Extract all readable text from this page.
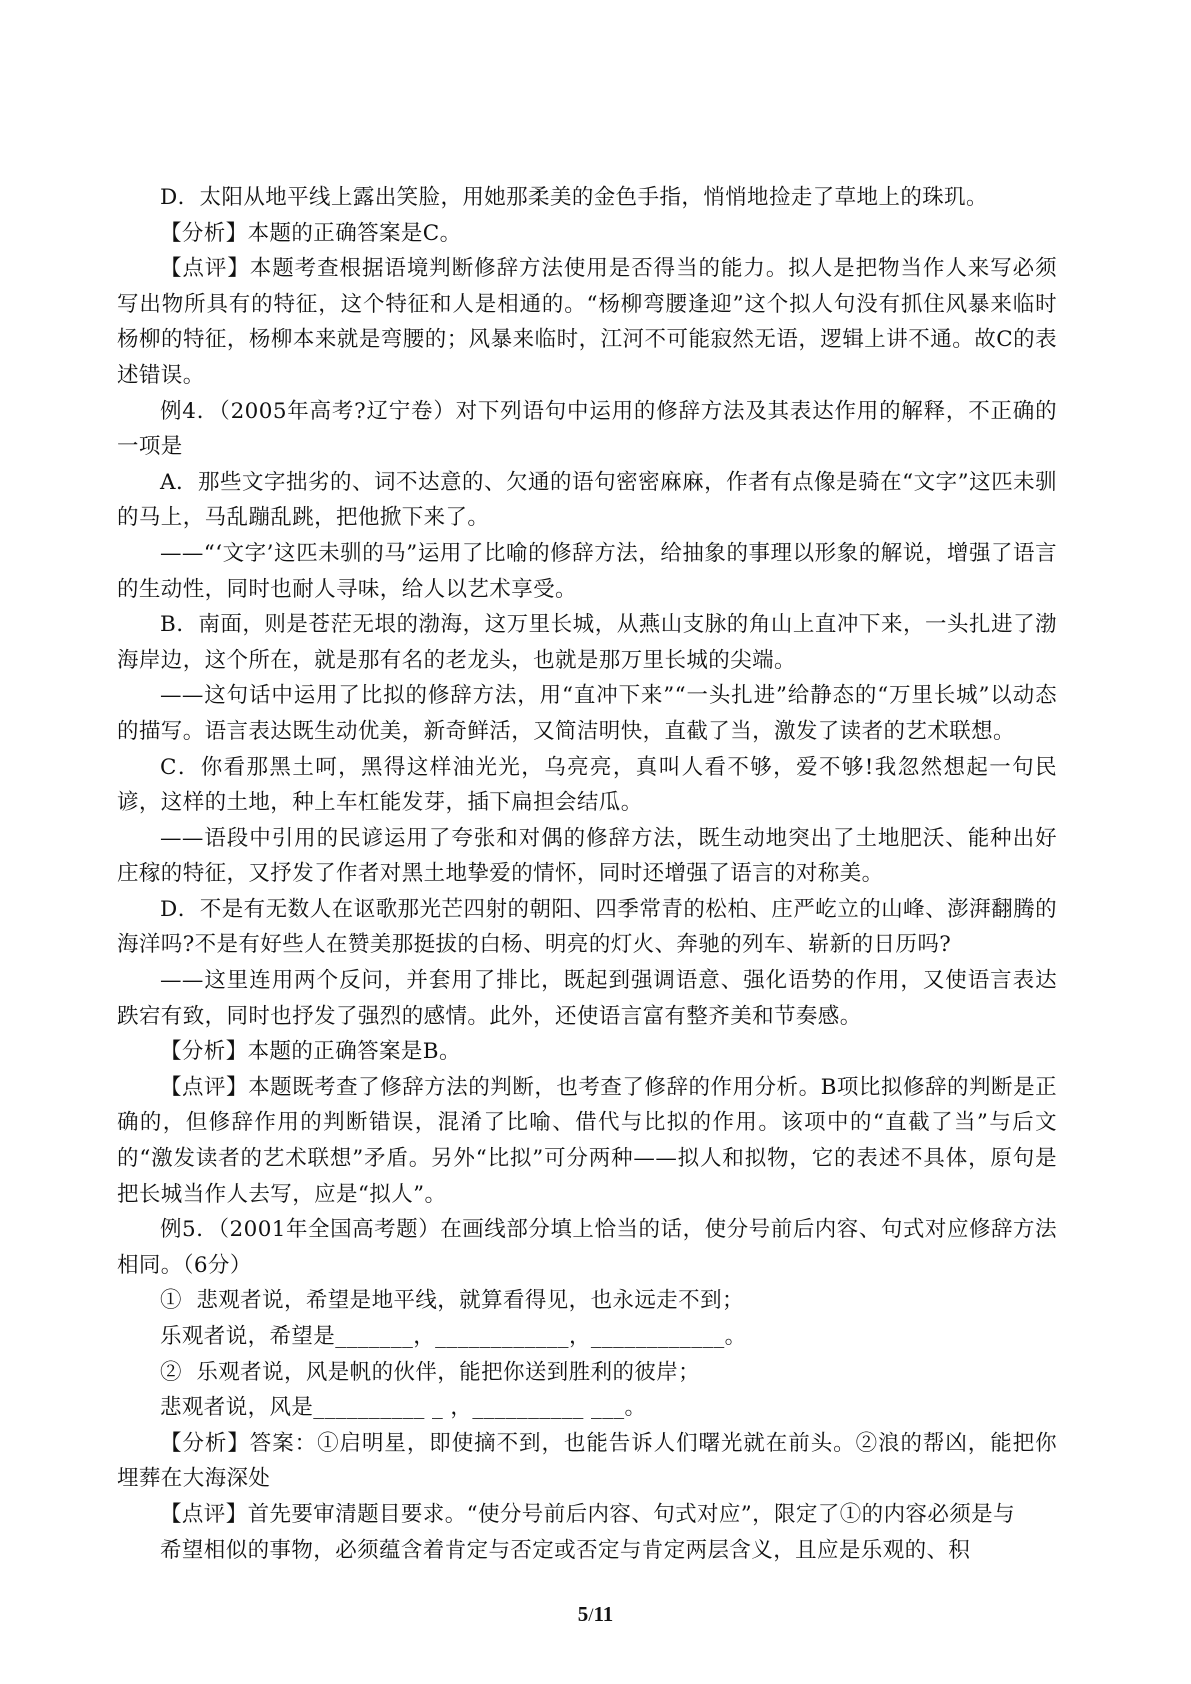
D．太阳从地平线上露出笑脸，用她那柔美的金色手指，悄悄地捡走了草地上的珠玑。

【分析】本题的正确答案是C。

【点评】本题考查根据语境判断修辞方法使用是否得当的能力。拟人是把物当作人来写必须写出物所具有的特征，这个特征和人是相通的。“杨柳弯腰逢迎”这个拟人句没有抓住风暴来临时杨柳的特征，杨柳本来就是弯腰的；风暴来临时，江河不可能寂然无语，逻辑上讲不通。故C的表述错误。

例4．（2005年高考?辽宁卷）对下列语句中运用的修辞方法及其表达作用的解释，不正确的一项是

A．那些文字拙劣的、词不达意的、欠通的语句密密麻麻，作者有点像是骑在“文字”这匹未驯的马上，马乱蹦乱跳，把他掀下来了。

——“‘文字’这匹未驯的马”运用了比喻的修辞方法，给抽象的事理以形象的解说，增强了语言的生动性，同时也耐人寻味，给人以艺术享受。

B．南面，则是苍茫无垠的渤海，这万里长城，从燕山支脉的角山上直冲下来，一头扎进了渤海岸边，这个所在，就是那有名的老龙头，也就是那万里长城的尖端。

——这句话中运用了比拟的修辞方法，用“直冲下来”“一头扎进”给静态的“万里长城”以动态的描写。语言表达既生动优美，新奇鲜活，又简洁明快，直截了当，激发了读者的艺术联想。

C．你看那黑土呵，黑得这样油光光，乌亮亮，真叫人看不够，爱不够!我忽然想起一句民谚，这样的土地，种上车杠能发芽，插下扁担会结瓜。

——语段中引用的民谚运用了夸张和对偶的修辞方法，既生动地突出了土地肥沃、能种出好庄稼的特征，又抒发了作者对黑土地挚爱的情怀，同时还增强了语言的对称美。

D．不是有无数人在讴歌那光芒四射的朝阳、四季常青的松柏、庄严屹立的山峰、澎湃翻腾的海洋吗?不是有好些人在赞美那挺拔的白杨、明亮的灯火、奔驰的列车、崭新的日历吗?

——这里连用两个反问，并套用了排比，既起到强调语意、强化语势的作用，又使语言表达跌宕有致，同时也抒发了强烈的感情。此外，还使语言富有整齐美和节奏感。

【分析】本题的正确答案是B。

【点评】本题既考查了修辞方法的判断，也考查了修辞的作用分析。B项比拟修辞的判断是正确的，但修辞作用的判断错误，混淆了比喻、借代与比拟的作用。该项中的“直截了当”与后文的“激发读者的艺术联想”矛盾。另外“比拟”可分两种——拟人和拟物，它的表述不具体，原句是把长城当作人去写，应是“拟人”。

例5．（2001年全国高考题）在画线部分填上恰当的话，使分号前后内容、句式对应修辞方法相同。（6分）

①  悲观者说，希望是地平线，就算看得见，也永远走不到；

乐观者说，希望是_______，____________，____________。

②  乐观者说，风是帆的伙伴，能把你送到胜利的彼岸；

悲观者说，风是__________ _ ，__________ ___。

【分析】答案：①启明星，即使摘不到，也能告诉人们曙光就在前头。②浪的帮凶，能把你埋葬在大海深处

【点评】首先要审清题目要求。“使分号前后内容、句式对应”，限定了①的内容必须是与

希望相似的事物，必须蕴含着肯定与否定或否定与肯定两层含义，且应是乐观的、积

5/11
